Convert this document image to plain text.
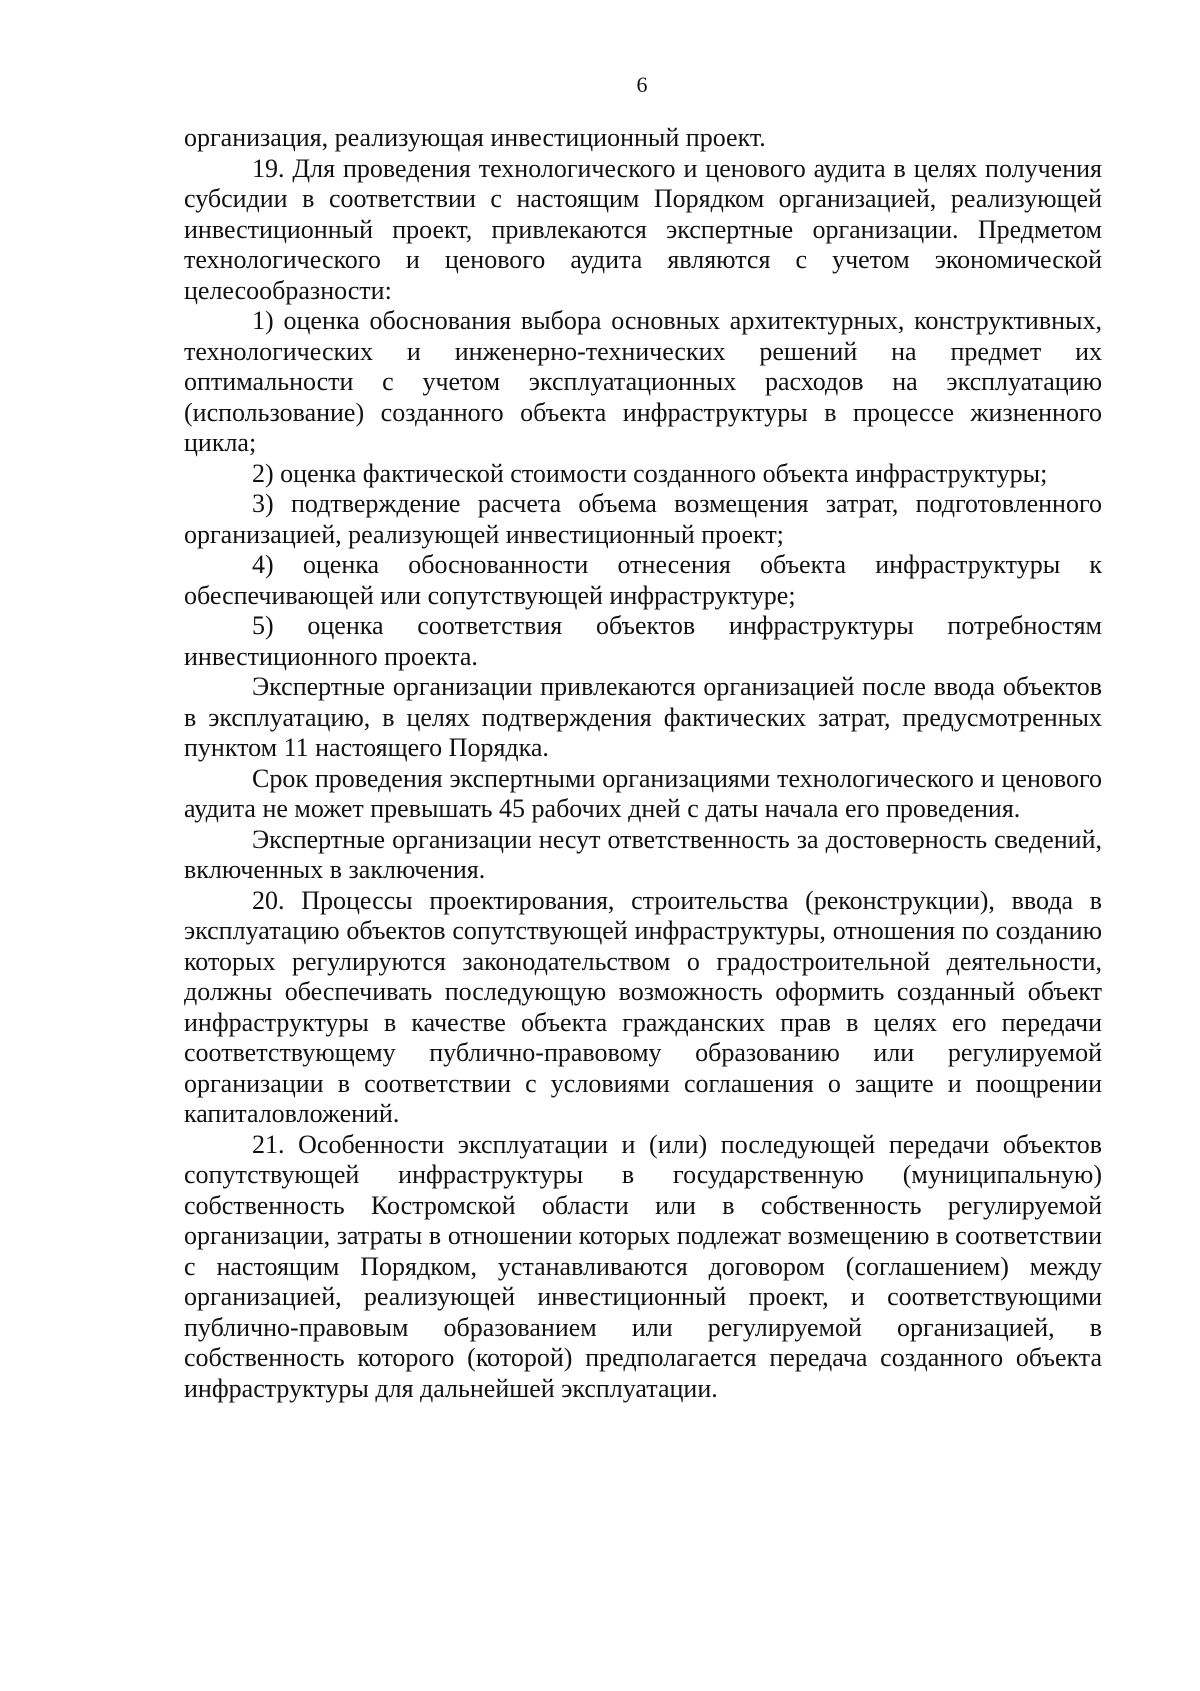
6

организация, реализующая инвестиционный проект.

19. Для проведения технологического и ценового аудита в целях получения субсидии в соответствии с настоящим Порядком организацией, реализующей инвестиционный проект, привлекаются экспертные организации. Предметом технологического и ценового аудита являются с учетом экономической целесообразности:

1) оценка обоснования выбора основных архитектурных, конструктивных, технологических и инженерно-технических решений на предмет их оптимальности с учетом эксплуатационных расходов на эксплуатацию (использование) созданного объекта инфраструктуры в процессе жизненного цикла;

2) оценка фактической стоимости созданного объекта инфраструктуры;

3) подтверждение расчета объема возмещения затрат, подготовленного организацией, реализующей инвестиционный проект;

4) оценка обоснованности отнесения объекта инфраструктуры к обеспечивающей или сопутствующей инфраструктуре;

5) оценка соответствия объектов инфраструктуры потребностям инвестиционного проекта.

Экспертные организации привлекаются организацией после ввода объектов в эксплуатацию, в целях подтверждения фактических затрат, предусмотренных пунктом 11 настоящего Порядка.

Срок проведения экспертными организациями технологического и ценового аудита не может превышать 45 рабочих дней с даты начала его проведения.

Экспертные организации несут ответственность за достоверность сведений, включенных в заключения.

20. Процессы проектирования, строительства (реконструкции), ввода в эксплуатацию объектов сопутствующей инфраструктуры, отношения по созданию которых регулируются законодательством о градостроительной деятельности, должны обеспечивать последующую возможность оформить созданный объект инфраструктуры в качестве объекта гражданских прав в целях его передачи соответствующему публично-правовому образованию или регулируемой организации в соответствии с условиями соглашения о защите и поощрении капиталовложений.

21. Особенности эксплуатации и (или) последующей передачи объектов сопутствующей инфраструктуры в государственную (муниципальную) собственность Костромской области или в собственность регулируемой организации, затраты в отношении которых подлежат возмещению в соответствии с настоящим Порядком, устанавливаются договором (соглашением) между организацией, реализующей инвестиционный проект, и соответствующими публично-правовым образованием или регулируемой организацией, в собственность которого (которой) предполагается передача созданного объекта инфраструктуры для дальнейшей эксплуатации.
